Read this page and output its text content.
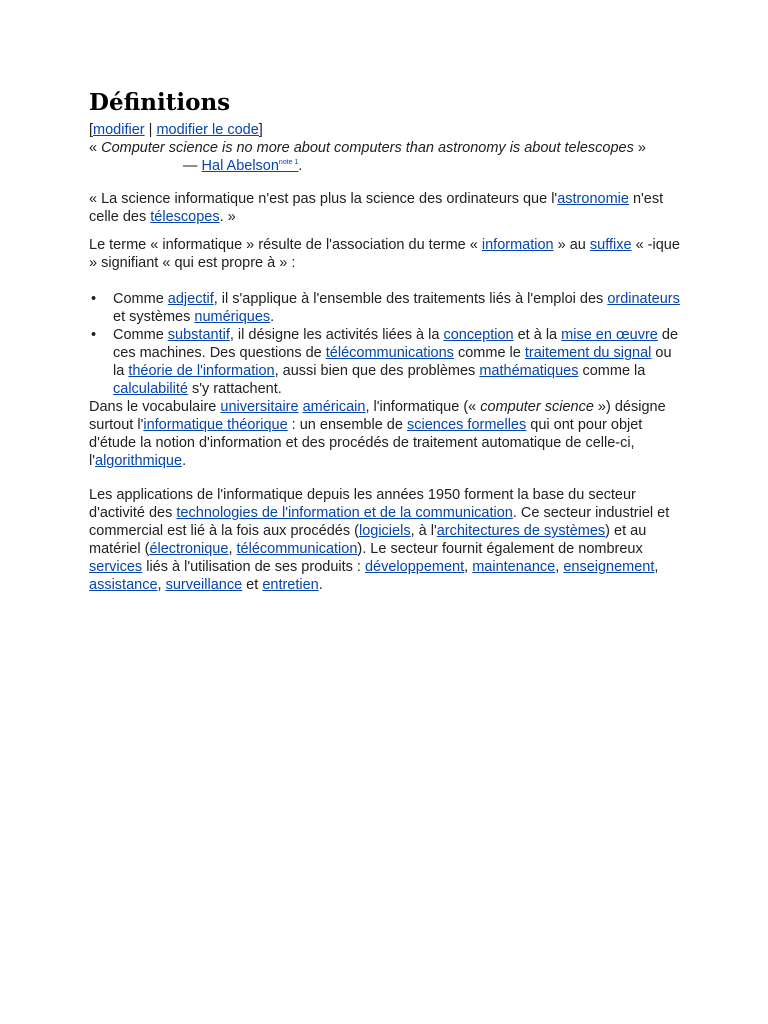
Définitions
[modifier | modifier le code]
« Computer science is no more about computers than astronomy is about telescopes »
— Hal Abelson$^{note 1}$.

« La science informatique n'est pas plus la science des ordinateurs que l'astronomie n'est celle des télescopes. »

Le terme « informatique » résulte de l'association du terme « information » au suffixe « -ique » signifiant « qui est propre à » :

• Comme adjectif, il s'applique à l'ensemble des traitements liés à l'emploi des ordinateurs et systèmes numériques.
• Comme substantif, il désigne les activités liées à la conception et à la mise en œuvre de ces machines. Des questions de télécommunications comme le traitement du signal ou la théorie de l'information, aussi bien que des problèmes mathématiques comme la calculabilité s'y rattachent.

Dans le vocabulaire universitaire américain, l'informatique (« computer science ») désigne surtout l'informatique théorique : un ensemble de sciences formelles qui ont pour objet d'étude la notion d'information et des procédés de traitement automatique de celle-ci, l'algorithmique.

Les applications de l'informatique depuis les années 1950 forment la base du secteur d'activité des technologies de l'information et de la communication. Ce secteur industriel et commercial est lié à la fois aux procédés (logiciels, à l'architectures de systèmes) et au matériel (électronique, télécommunication). Le secteur fournit également de nombreux services liés à l'utilisation de ses produits : développement, maintenance, enseignement, assistance, surveillance et entretien.
